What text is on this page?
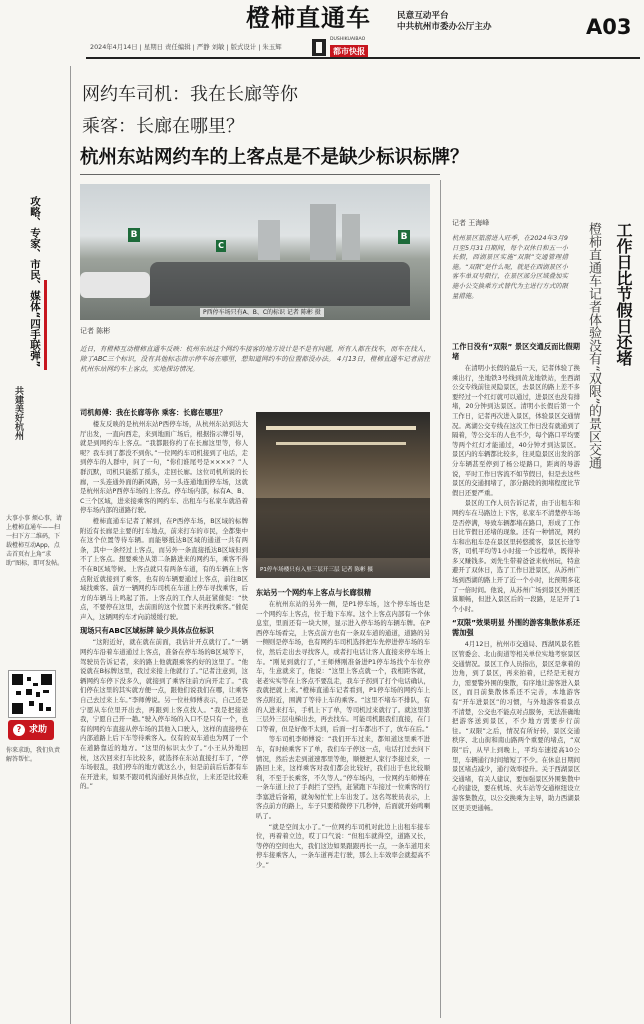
橙柿直通车	民意互动平台
中共杭州市委办公厅主办	A03
2024年4月14日 | 星期日 责任编辑 | 严静 刘敏 | 版式设计 | 朱玉辉
DUSHIKUAIBAO
都市快报
攻略、专家、市民、媒体“四手联弹”
共建美好杭州
大事小事 烦心事，请上橙柿直通车——扫一扫下方二维码，下载橙柿互动App，点击首页右上角“求助”图标，即可发帖。
? 求助
你来求助，我们负责解答帮忙。
网约车司机：我在长廊等你
乘客：长廊在哪里？
杭州东站网约车的上客点是不是缺少标识标牌？
B
C
B
P西停车场只有A、B、C的标识 记者 陈彬 摄
记者 陈彬
近日，有橙柿互动橙柿直通车反映：杭州东站这个网约车接客的地方设计是不是有问题，所有人都在找车，而车在找人，除了ABC三个标识，没有其他标志指示停车场在哪里，想知道网约车的位置都没办法。 4月13日，橙柿直通车记者前往杭州东站网约车上客点，实地探访情况。
司机师傅：我在长廊等你 乘客：长廊在哪里？

楼友反映的是杭州东站P西停车场，从杭州东站到达大厅出发，一直向西走，来到地面广场后，根据指示牌引导，就是到网约车上客点。“我都跟你约了在长廊这里等，你人呢？我车到了都没不到你。”一位网约车司机接到了电话，走到停车的人群中，问了一句，“你们谁尾号是××××？”人群沉默，司机只能摇了摇头，走回长廊。这位司机所说的长廊，一头连通外面的新风路，另一头连通地面停车场，这就是杭州东站P西停车场的上客点。停车场内部，标有A、B、C三个区域，进来接乘客的网约车、出租车与私家车就沿着停车场内部的道路行驶。

橙柿直通车记者了解到，在P西停车场，B区域的标牌附近有长廊是主要的打车地点，前来打车的市民，全都集中在这个位置等待车辆。而能够抵达B区域的通道一共有两条，其中一条经过上客点，而另外一条直接抵达B区域但到不了上客点。想要乘坐从第二条路进来的网约车，乘客不得不在B区域等候。上客点就只有两条车道，有的车辆在上客点附近就接到了乘客，也有的车辆要通过上客点，前往B区域找乘客。前方一辆网约车司机在车道上停车寻找乘客，后方的车辆马上鸣起了笛。上客点的工作人员赶紧催促：“快点，不要停在这里，去前面的这个位置下来再找乘客。”催促声入，这辆网约车才向前缓缓行驶。

现场只有ABC区域标牌 缺少具体点位标识

“这附近好，就在就在前面，我估计开点就行了。”一辆网约车沿着车道通过上客点，准备在停车场的B区域等下，驾驶员告诉记者，来的路上他就跟乘客约好的这里了。“他说就在B标牌这里，我过来接上他就行了。”记者注意到，这辆网约车停下没多久，就接到了乘客往前方向开走了。“我们停在这里的其实就方便一点，跟他们说我们在哪，让乘客自己去过来上车。”李师傅说。另一位杜师傅表示，自己还是宁愿从车位里开出去，再跟到上客点找人。“我是把接送我，宁愿自己开一趟。”驶入停车场的入口不是只有一个，也有的网约车直接从停车场的其他入口驶入，这样的直接停在内部道路上后下车等待乘客入。仅有的双车道也为网了一个在道路靠近的地方。“这里的标识太少了。”小王从外地回杭，这次回来打车比较多，就选择在东站直接打车了，“停车场很乱，我们停车的地方就这么小，但是前前后后都有车在开进来，如果不跟司机沟通好具体点位，上来还是比较难的。”

P1停车场楼只有入里三层开三层 记者 陈彬 摄
东站另一个网约车上客点与长廊很精

在杭州东站的另外一侧，是P1停车场，这个停车场也是一个网约车上客点，位于地下车库。这个上客点内部有一个休息室，里面还有一块大屏，显示进入停车场的车辆车牌。在P西停车场看完，上客点前方也有一条双车道的通道，道路的另一侧则是停车场，也有网约车司机选择把车先停进停车场的车位，然后走出去寻找客人，或者打电话让客人直接来停车场上车。“刚见到就行了，”王师傅刚准备进P1停车场找个车位停车，生意就来了，他说：“这里上客点就一个，我相距客就，老老实实等在上客点不要乱走，我车子拐到了打个电话确认，我就把就上来。”橙柿直通车记者看到，P1停车场的网约车上客点附近，围满了等待上车的乘客。“这里不堵车不排队，有的人进来打车，手机上下了单，等司机过来就行了。就这里第三层外三层电梯出去，再去找车。可能司机跟我们直接，在门口等着，但是好像不太到，后面一打车都出不了，放车在后。”

等车司机李师傅说：“我们开车过来，都知道这里乘不进车，有时候乘客下了单，我们车子停这一点，电话打过去问下情况，然后去走到道速那里等他，顺便把人家行李接过来，一路回上来，这样乘客对我们都会比较好，我们出于也比较顺利，不至于长乘客，不久等人。”停车场内，一位网约车师傅在一条车道上拉了手刹拦了空挡，赶紧跑下车接过一位乘客的行李塞进后备箱，就匆匆忙忙上车出发了。这名驾驶员表示，上客点前方的路上，车子只要稍微停下几秒钟，后面就开始鸣喇叭了。

“就是空间太小了。”一位网约车司机对此边上出租车接车位，再着着立边，哎丁口气说：“但租车就得空，道路又长，等停的空间也大，我们这边如果跟跟再长一点，一条车道用来停车接乘客人，一条车道再走行驶，那么上车效率会就提高不少。”

记者 王海峰
杭州景区旅游进入旺季，在2024年3月9日至5月31日期间，每个双休日和五一小长假，西湖景区实施“双限”交通管理措施。“双限”是什么呢，就是在西湖景区小客车单双号限行，在景区部分区域叠加实施小公交换乘方式替代为主进行方式的限量措施。	工作日比节假日还堵
橙柿直通车记者体验没有“双限”的景区交通
工作日没有“双限” 景区交通反而比假期堵

在清明小长假的最后一天，记者体验了换乘出行，坐地铁3号线到黄龙地铁站，坐西湖公交专线前往灵隐景区，去景区的路上差不多要经过一个红灯就可以通过，进景区也没有排堵，20分钟到达景区。清明小长假后第一个工作日，记者再次进入景区，体验景区交通情况。离湖公交专线在这次工作日没有就通到了隔着，等公交车的人也不少，每个路口平均要等两个红灯才能通过，40分钟才到达景区。景区内的车辆都比较多，往灵隐景区出发的部分车辆甚至停到了杨公堤路口，距离的导游说，平时工作日客流不如节假日，但是去这些景区的交通拥堵了，部分路段的拥堵程度比节假日还要严重。

景区的工作人员告诉记者，由于出租车和网约车在马路边上下客，私家车不清楚停车场是否停满，导致车辆都堵在路口，形成了工作日比节假日还堵的现象。还有一种情况，网约车和出租车是在景区里转悠揽客，景区长途等客，司机平均等1小时接一个远程单，既得补多又赚钱多。刘先生带着爸爸来杭州玩，特意避开了双休日，选了工作日进景区，从苏州广场到西湖的路上开了近一个小时，比预期多花了一倍时间。他说，从苏州广场到景区外围还算顺畅，但进入景区后的一段路，足足开了1个小时。

“双限”效果明显 外围的游客集散体系还需加强

4月12日，杭州市交通局、西湖风景名胜区管委会、北山街道等相关单位实地考察景区交通情况。景区工作人员指出，景区是拿着的边角，到了景区，再来拍着，已经是无视方力，需要警外围的集散，有序地让游客进入景区，而目前集散体系还不完善，本地游客有“开车进景区”的习惯，与外地游客看景点不清楚，公交也不能点对点服务，无法准确地把游客送到景区，不少地方需要步行前往。“双限”之后，情况有所好转，景区交通秩序、北山街和南山路两个重要的堵点，“双限”后，从早上到晚上，平均车速提高10公里，车辆通行时间缩短了不少。在休息日期间景区堵点减少，通行效率提升。关于西湖景区交通堵，有关人建议，要加强景区外围集散中心的建设，要在机场、火车站等交通枢纽设立游客集散点，以公交换乘为主导，助力西湖景区更美更通畅。
